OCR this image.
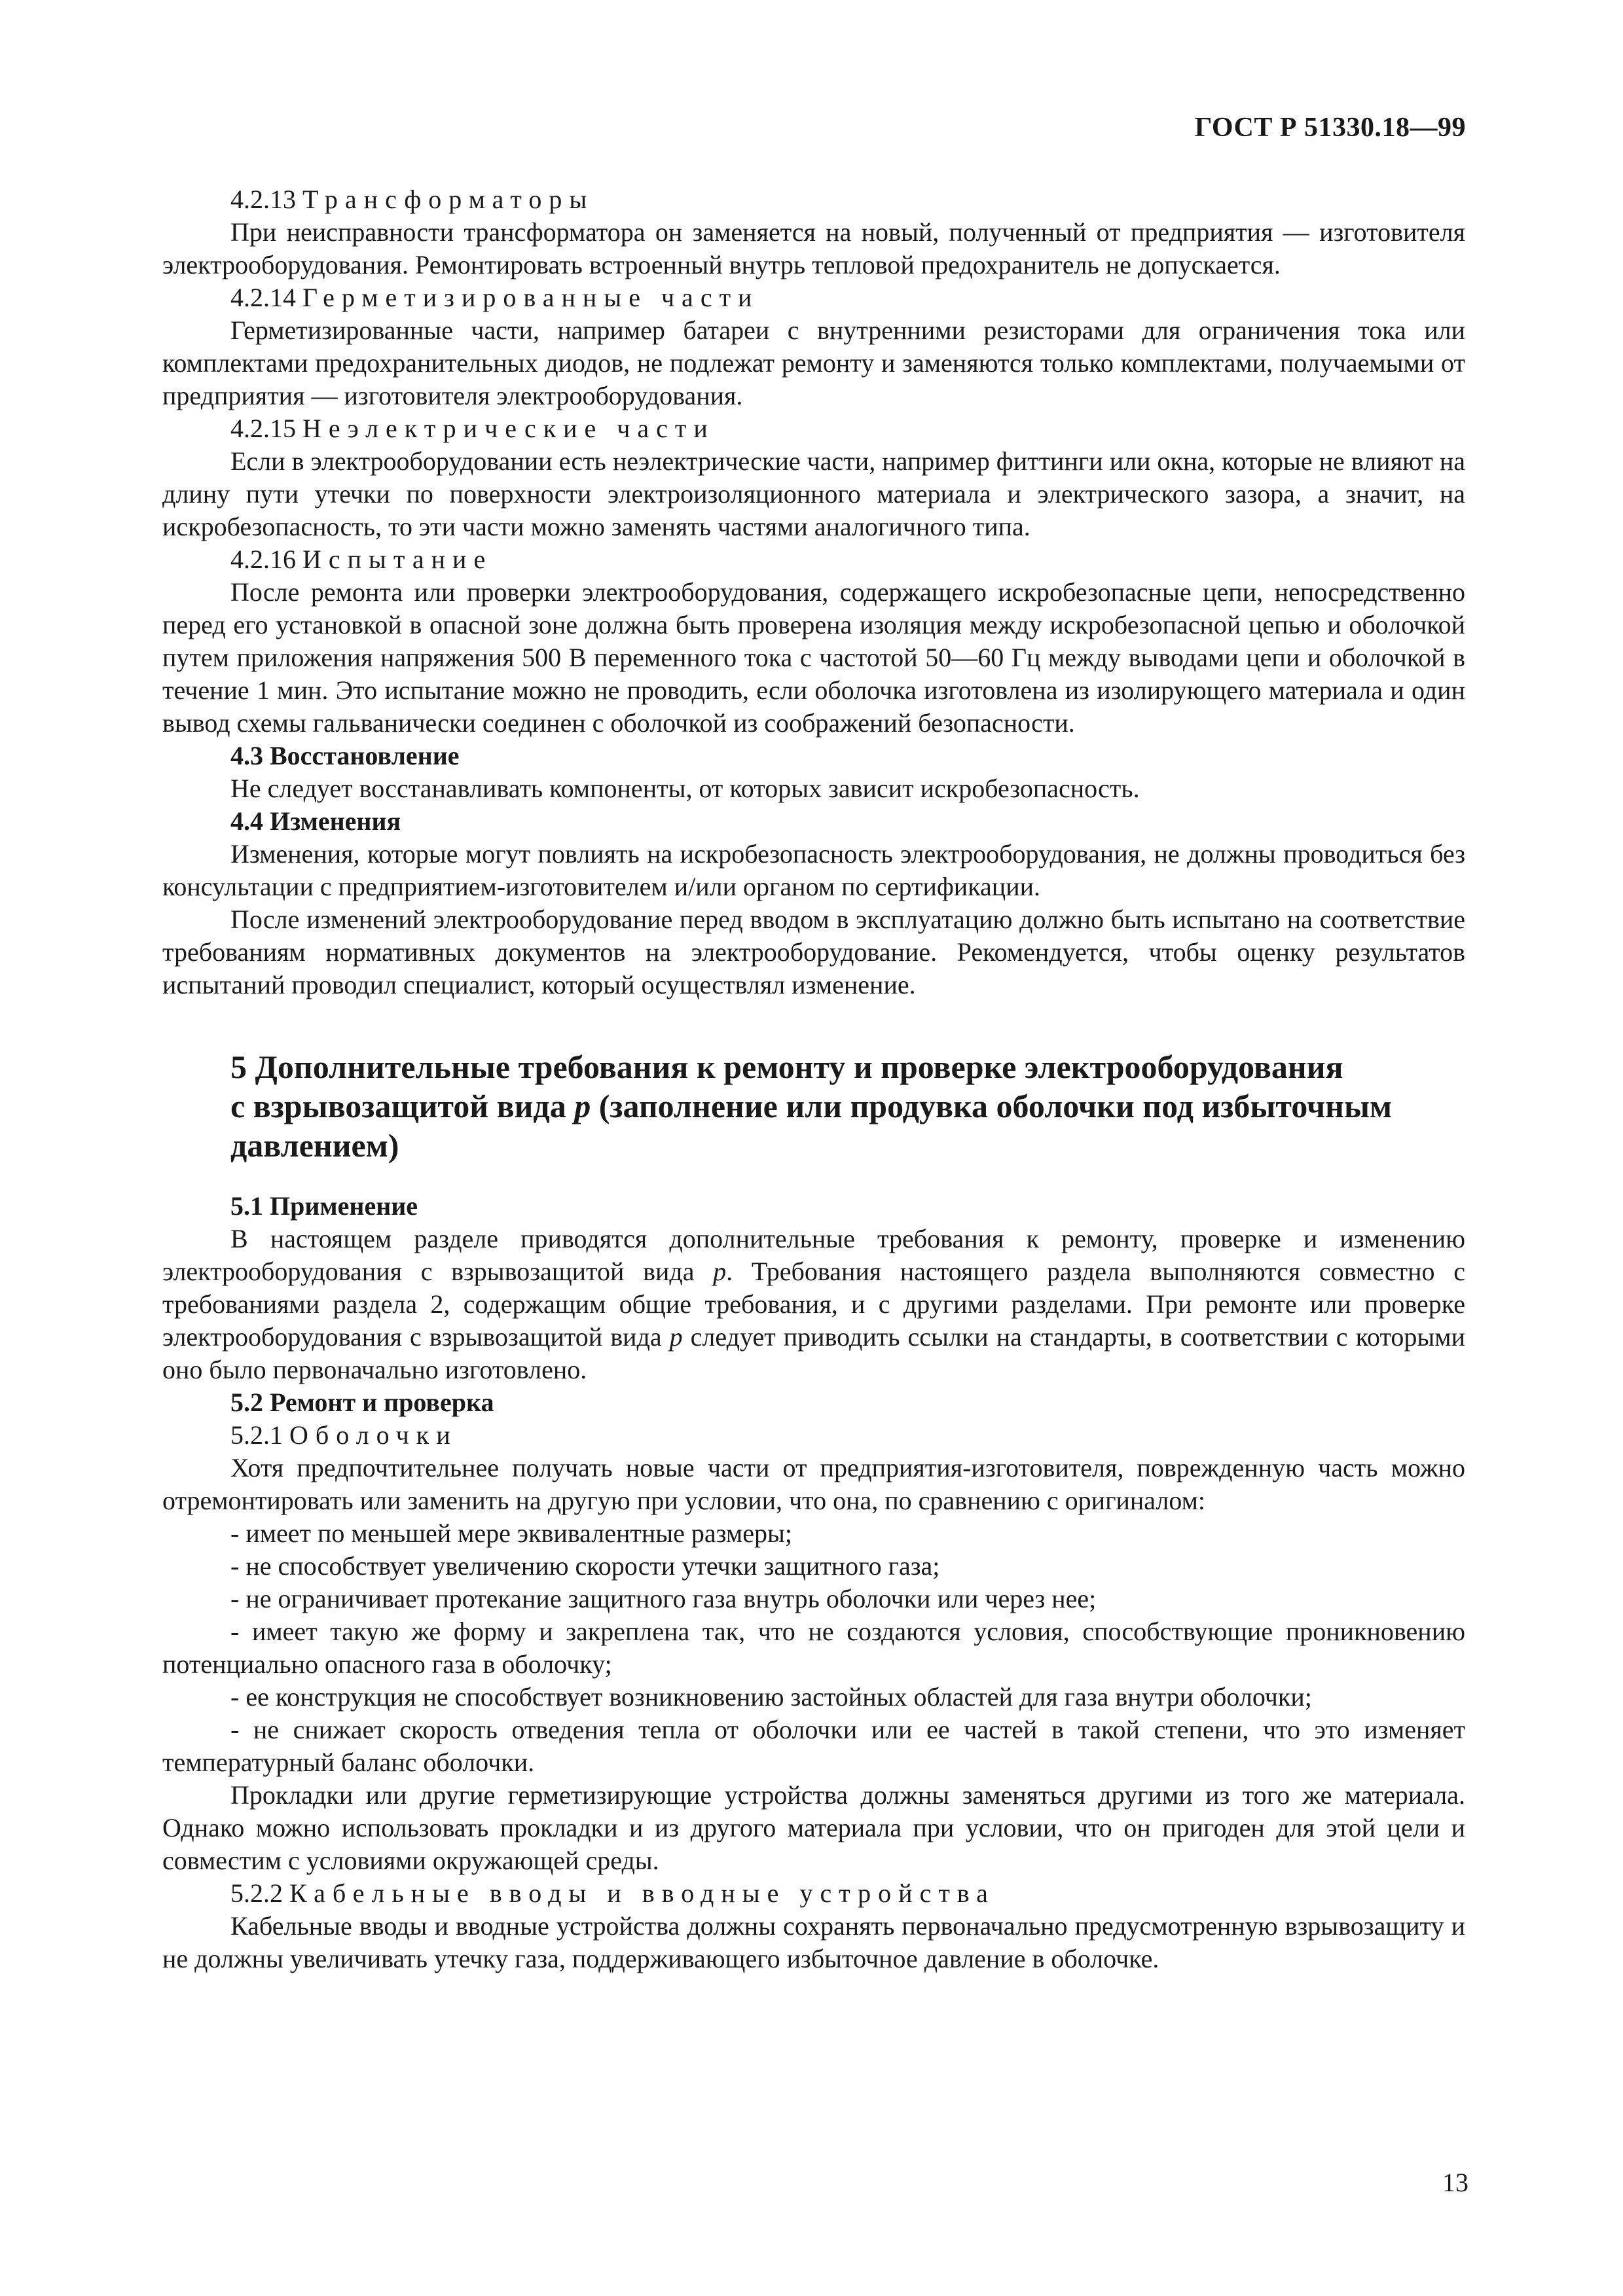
ГОСТ Р 51330.18—99

4.2.13 Трансформаторы

При неисправности трансформатора он заменяется на новый, полученный от предприятия — изготовителя электрооборудования. Ремонтировать встроенный внутрь тепловой предохранитель не допускается.

4.2.14 Герметизированные части

Герметизированные части, например батареи с внутренними резисторами для ограничения тока или комплектами предохранительных диодов, не подлежат ремонту и заменяются только комплектами, получаемыми от предприятия — изготовителя электрооборудования.

4.2.15 Неэлектрические части

Если в электрооборудовании есть неэлектрические части, например фиттинги или окна, которые не влияют на длину пути утечки по поверхности электроизоляционного материала и электрического зазора, а значит, на искробезопасность, то эти части можно заменять частями аналогичного типа.

4.2.16 Испытание

После ремонта или проверки электрооборудования, содержащего искробезопасные цепи, непосредственно перед его установкой в опасной зоне должна быть проверена изоляция между искробезопасной цепью и оболочкой путем приложения напряжения 500 В переменного тока с частотой 50—60 Гц между выводами цепи и оболочкой в течение 1 мин. Это испытание можно не проводить, если оболочка изготовлена из изолирующего материала и один вывод схемы гальванически соединен с оболочкой из соображений безопасности.

4.3 Восстановление

Не следует восстанавливать компоненты, от которых зависит искробезопасность.

4.4 Изменения

Изменения, которые могут повлиять на искробезопасность электрооборудования, не должны проводиться без консультации с предприятием-изготовителем и/или органом по сертификации.

После изменений электрооборудование перед вводом в эксплуатацию должно быть испытано на соответствие требованиям нормативных документов на электрооборудование. Рекомендуется, чтобы оценку результатов испытаний проводил специалист, который осуществлял изменение.

5 Дополнительные требования к ремонту и проверке электрооборудования
с взрывозащитой вида p (заполнение или продувка оболочки под избыточным
давлением)

5.1 Применение

В настоящем разделе приводятся дополнительные требования к ремонту, проверке и изменению электрооборудования с взрывозащитой вида p. Требования настоящего раздела выполняются совместно с требованиями раздела 2, содержащим общие требования, и с другими разделами. При ремонте или проверке электрооборудования с взрывозащитой вида p следует приводить ссылки на стандарты, в соответствии с которыми оно было первоначально изготовлено.

5.2 Ремонт и проверка

5.2.1 Оболочки

Хотя предпочтительнее получать новые части от предприятия-изготовителя, поврежденную часть можно отремонтировать или заменить на другую при условии, что она, по сравнению с оригиналом:

- имеет по меньшей мере эквивалентные размеры;

- не способствует увеличению скорости утечки защитного газа;

- не ограничивает протекание защитного газа внутрь оболочки или через нее;

- имеет такую же форму и закреплена так, что не создаются условия, способствующие проникновению потенциально опасного газа в оболочку;

- ее конструкция не способствует возникновению застойных областей для газа внутри оболочки;

- не снижает скорость отведения тепла от оболочки или ее частей в такой степени, что это изменяет температурный баланс оболочки.

Прокладки или другие герметизирующие устройства должны заменяться другими из того же материала. Однако можно использовать прокладки и из другого материала при условии, что он пригоден для этой цели и совместим с условиями окружающей среды.

5.2.2 Кабельные вводы и вводные устройства

Кабельные вводы и вводные устройства должны сохранять первоначально предусмотренную взрывозащиту и не должны увеличивать утечку газа, поддерживающего избыточное давление в оболочке.

13
